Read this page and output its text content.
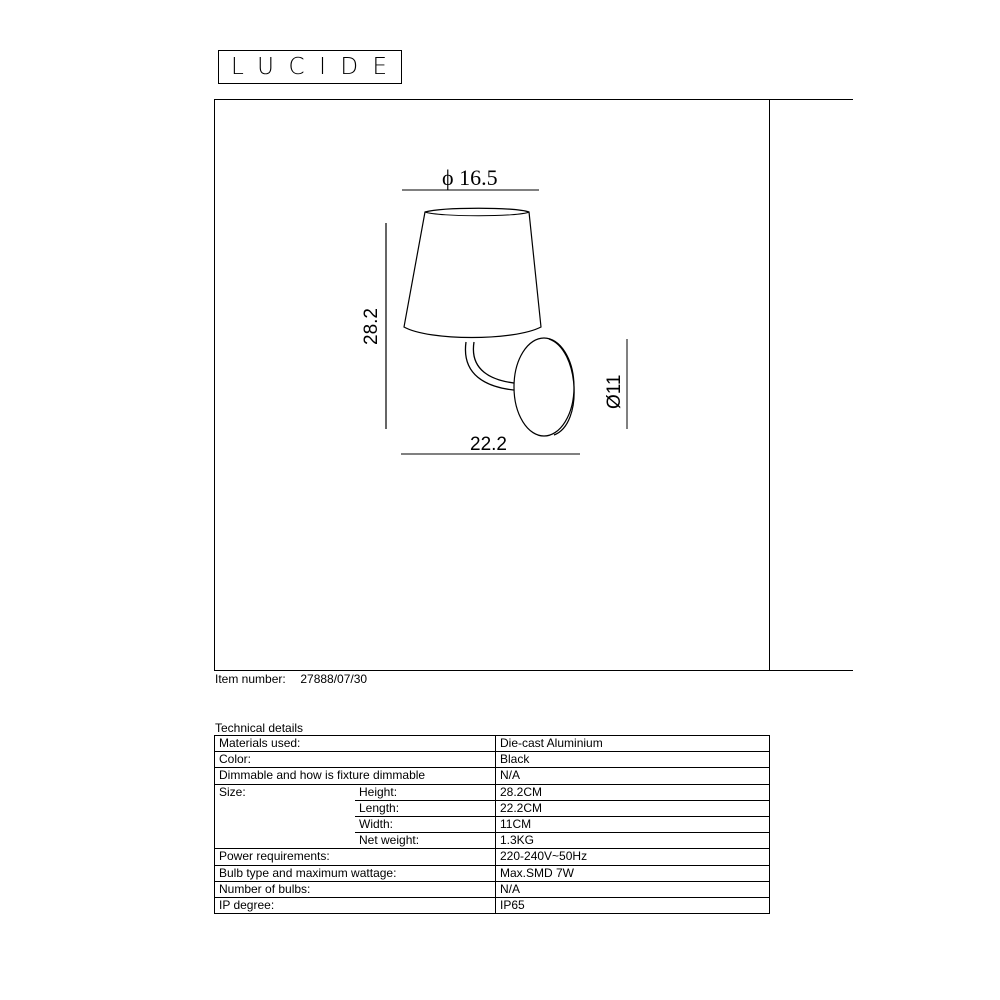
LUCIDE
ϕ 16.5
28.2
Ø11
22.2
Item number: 27888/07/30
Technical details
Materials used:		Die-cast Aluminium
Color:		Black
Dimmable and how is fixture dimmable		N/A
Size:	Height:	28.2CM
	Length:	22.2CM
	Width:	11CM
	Net weight:	1.3KG
Power requirements:		220-240V~50Hz
Bulb type and maximum wattage:		Max.SMD 7W
Number of bulbs:		N/A
IP degree:		IP65
